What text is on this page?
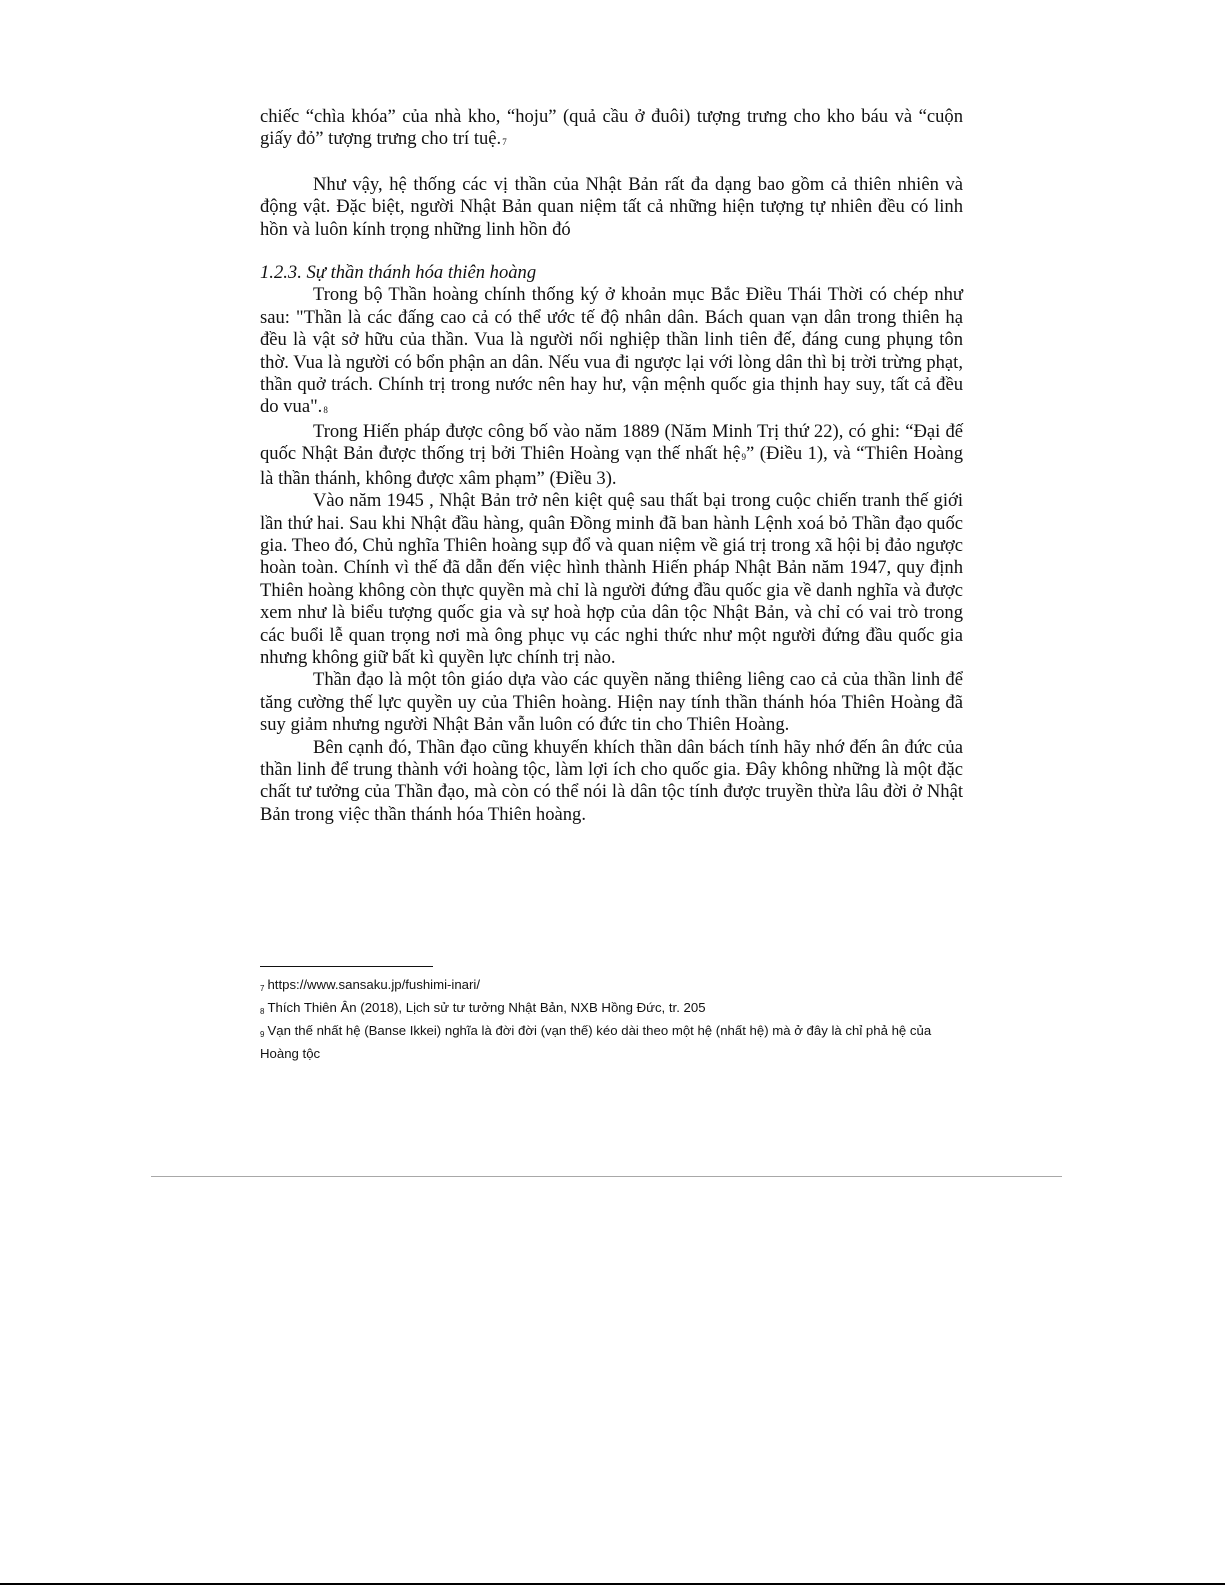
chiếc “chìa khóa” của nhà kho, “hoju” (quả cầu ở đuôi) tượng trưng cho kho báu và “cuộn giấy đỏ” tượng trưng cho trí tuệ.7

Như vậy, hệ thống các vị thần của Nhật Bản rất đa dạng bao gồm cả thiên nhiên và động vật. Đặc biệt, người Nhật Bản quan niệm tất cả những hiện tượng tự nhiên đều có linh hồn và luôn kính trọng những linh hồn đó

1.2.3. Sự thần thánh hóa thiên hoàng

Trong bộ Thần hoàng chính thống ký ở khoản mục Bắc Điều Thái Thời có chép như sau: "Thần là các đấng cao cả có thể ước tế độ nhân dân. Bách quan vạn dân trong thiên hạ đều là vật sở hữu của thần. Vua là người nối nghiệp thần linh tiên đế, đáng cung phụng tôn thờ. Vua là người có bổn phận an dân. Nếu vua đi ngược lại với lòng dân thì bị trời trừng phạt, thần quở trách. Chính trị trong nước nên hay hư, vận mệnh quốc gia thịnh hay suy, tất cả đều do vua".8

Trong Hiến pháp được công bố vào năm 1889 (Năm Minh Trị thứ 22), có ghi: “Đại đế quốc Nhật Bản được thống trị bởi Thiên Hoàng vạn thế nhất hệ9” (Điều 1), và “Thiên Hoàng là thần thánh, không được xâm phạm” (Điều 3).

Vào năm 1945 , Nhật Bản trở nên kiệt quệ sau thất bại trong cuộc chiến tranh thế giới lần thứ hai. Sau khi Nhật đầu hàng, quân Đồng minh đã ban hành Lệnh xoá bỏ Thần đạo quốc gia. Theo đó, Chủ nghĩa Thiên hoàng sụp đổ và quan niệm về giá trị trong xã hội bị đảo ngược hoàn toàn. Chính vì thế đã dẫn đến việc hình thành Hiến pháp Nhật Bản năm 1947, quy định Thiên hoàng không còn thực quyền mà chỉ là người đứng đầu quốc gia về danh nghĩa và được xem như là biểu tượng quốc gia và sự hoà hợp của dân tộc Nhật Bản, và chỉ có vai trò trong các buổi lễ quan trọng nơi mà ông phục vụ các nghi thức như một người đứng đầu quốc gia nhưng không giữ bất kì quyền lực chính trị nào.

Thần đạo là một tôn giáo dựa vào các quyền năng thiêng liêng cao cả của thần linh để tăng cường thế lực quyền uy của Thiên hoàng. Hiện nay tính thần thánh hóa Thiên Hoàng đã suy giảm nhưng người Nhật Bản vẫn luôn có đức tin cho Thiên Hoàng.

Bên cạnh đó, Thần đạo cũng khuyến khích thần dân bách tính hãy nhớ đến ân đức của thần linh để trung thành với hoàng tộc, làm lợi ích cho quốc gia. Đây không những là một đặc chất tư tưởng của Thần đạo, mà còn có thể nói là dân tộc tính được truyền thừa lâu đời ở Nhật Bản trong việc thần thánh hóa Thiên hoàng.

7 https://www.sansaku.jp/fushimi-inari/

8 Thích Thiên Ân (2018), Lịch sử tư tưởng Nhật Bản, NXB Hồng Đức, tr. 205

9 Vạn thế nhất hệ (Banse Ikkei) nghĩa là đời đời (vạn thế) kéo dài theo một hệ (nhất hệ) mà ở đây là chỉ phả hệ của Hoàng tộc
